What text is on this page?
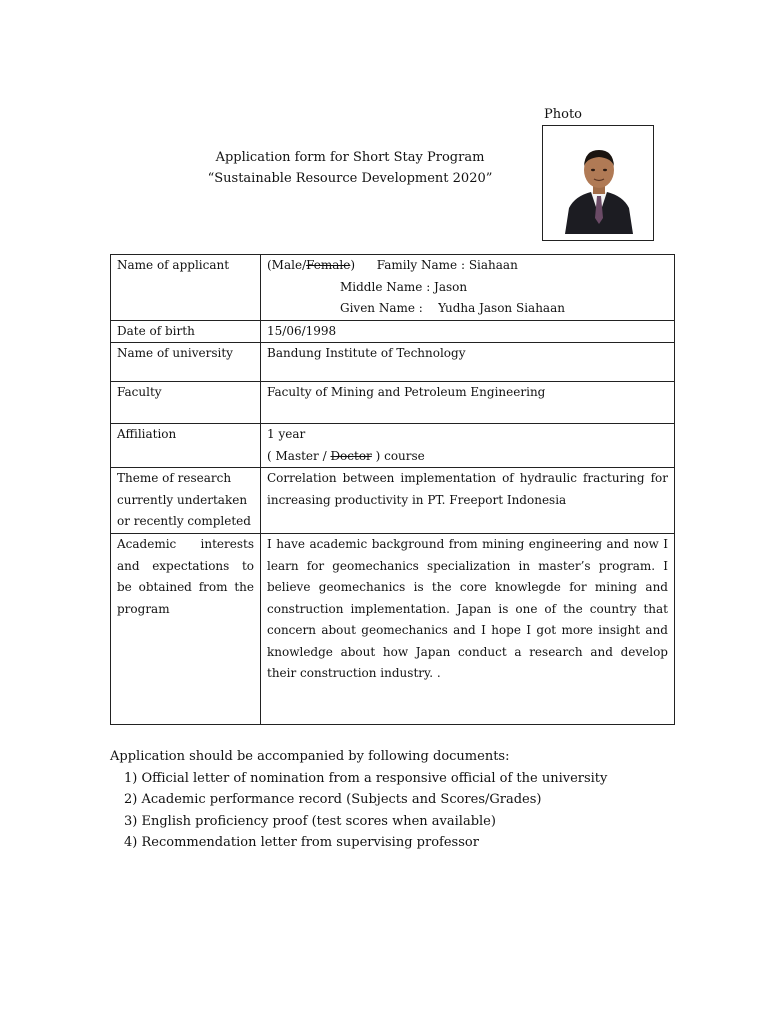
Photo
Application form for Short Stay Program
“Sustainable Resource Development 2020”
Name of applicant	(Male/Female) Family Name : Siahaan
Middle Name : Jason
Given Name :    Yudha Jason Siahaan

Date of birth	15/06/1998
Name of university	Bandung Institute of Technology
Faculty	Faculty of Mining and Petroleum Engineering
Affiliation	1 year
( Master / Doctor ) course

Theme of research currently undertaken or recently completed	Correlation between implementation of hydraulic fracturing for increasing productivity in PT. Freeport Indonesia
Academic interests and expectations to be obtained from the program	I have academic background from mining engineering and now I learn for geomechanics specialization in master’s program. I believe geomechanics is the core knowlegde for mining and construction implementation. Japan is one of the country that concern about geomechanics and I hope I got more insight and knowledge about how Japan conduct a research and develop their construction industry. .
Application should be accompanied by following documents:
1) Official letter of nomination from a responsive official of the university
2) Academic performance record (Subjects and Scores/Grades)
3) English proficiency proof (test scores when available)
4) Recommendation letter from supervising professor
